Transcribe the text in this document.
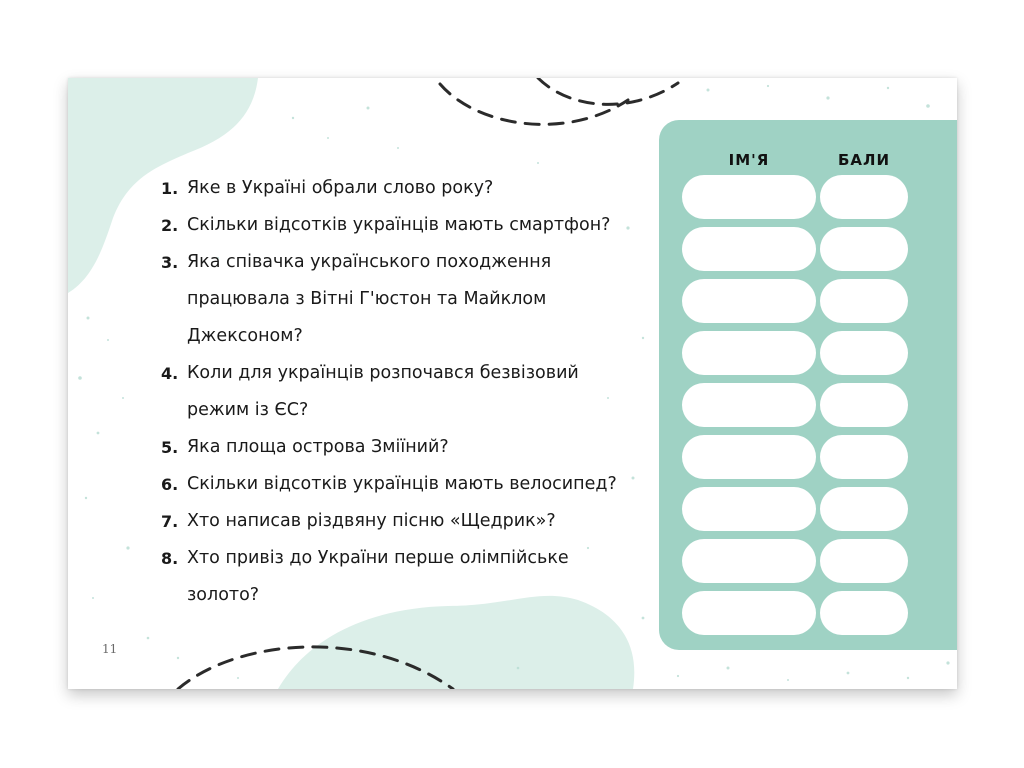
1 . Яке в Україні обрали слово року?
2 . Скільки відсотків українців мають смартфон?
3 . Яка співачка українського походження
працювала з Вітні Г'юстон та Майклом
Джексоном?
4 . Коли для українців розпочався безвізовий
режим із ЄС?
5 . Яка площа острова Зміїний?
6 . Скільки відсотків українців мають велосипед?
7 . Хто написав різдвяну пісню «Щедрик»?
8 . Хто привіз до України перше олімпійське
золото?
ІМ'Я	БАЛИ
11
